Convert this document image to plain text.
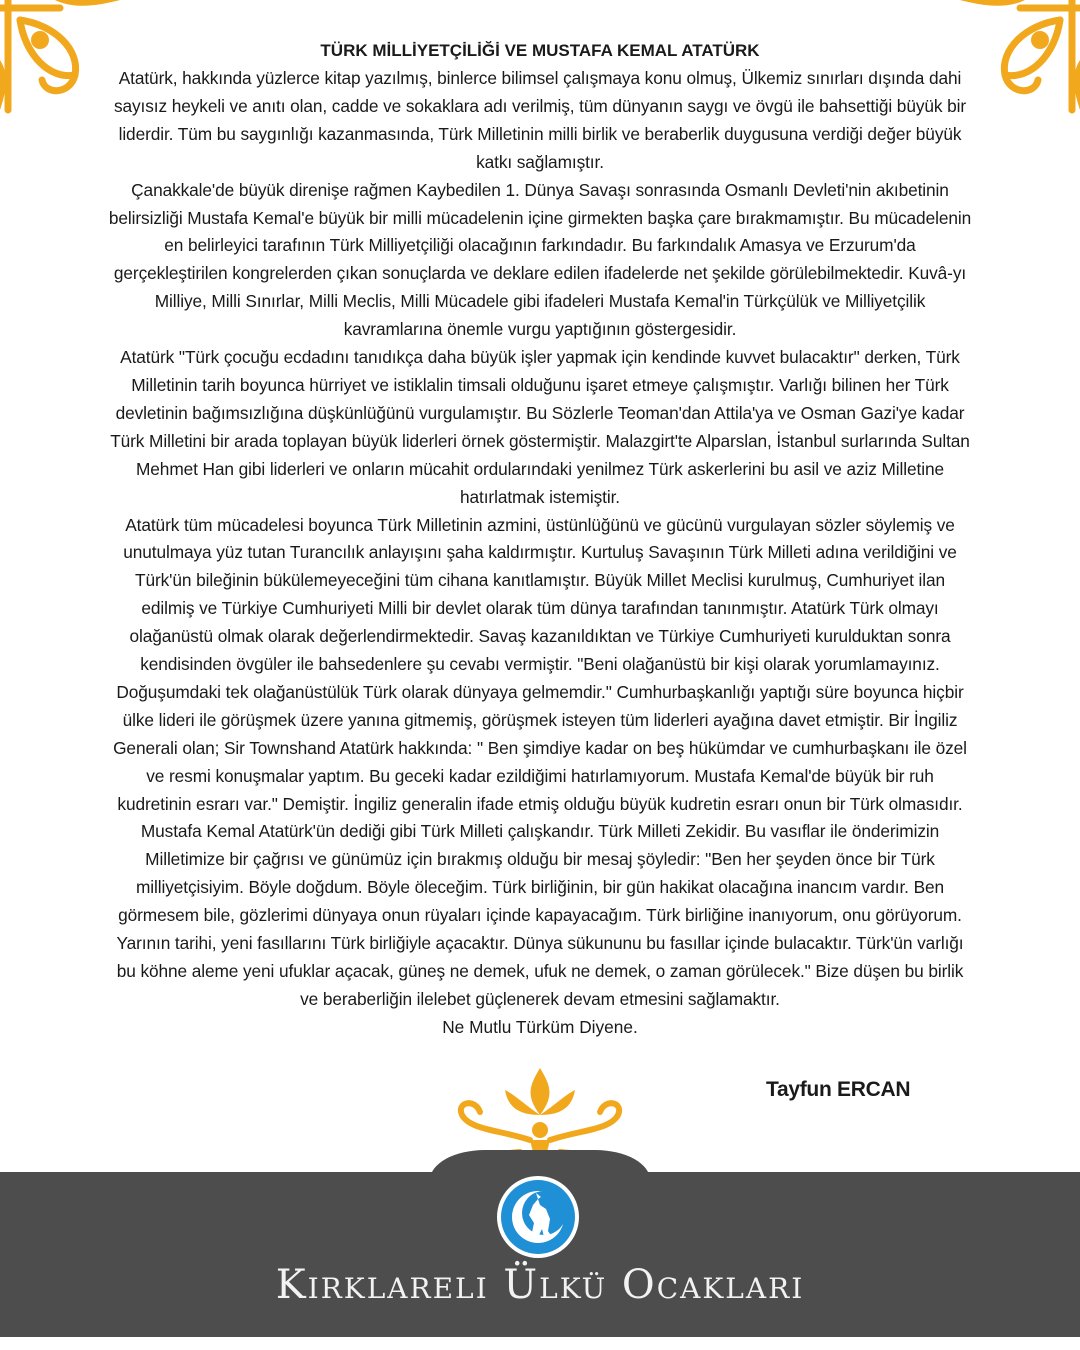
TÜRK MİLLİYETÇİLİĞİ VE MUSTAFA KEMAL ATATÜRK

Atatürk, hakkında yüzlerce kitap yazılmış, binlerce bilimsel çalışmaya konu olmuş, Ülkemiz sınırları dışında dahi sayısız heykeli ve anıtı olan, cadde ve sokaklara adı verilmiş, tüm dünyanın saygı ve övgü ile bahsettiği büyük bir liderdir. Tüm bu saygınlığı kazanmasında, Türk Milletinin milli birlik ve beraberlik duygusuna verdiği değer büyük katkı sağlamıştır.

Çanakkale'de büyük direnişe rağmen Kaybedilen 1. Dünya Savaşı sonrasında Osmanlı Devleti'nin akıbetinin belirsizliği Mustafa Kemal'e büyük bir milli mücadelenin içine girmekten başka çare bırakmamıştır. Bu mücadelenin en belirleyici tarafının Türk Milliyetçiliği olacağının farkındadır. Bu farkındalık Amasya ve Erzurum'da gerçekleştirilen kongrelerden çıkan sonuçlarda ve deklare edilen ifadelerde net şekilde görülebilmektedir. Kuvâ-yı Milliye, Milli Sınırlar, Milli Meclis, Milli Mücadele gibi ifadeleri Mustafa Kemal'in Türkçülük ve Milliyetçilik kavramlarına önemle vurgu yaptığının göstergesidir.

Atatürk "Türk çocuğu ecdadını tanıdıkça daha büyük işler yapmak için kendinde kuvvet bulacaktır" derken, Türk Milletinin tarih boyunca hürriyet ve istiklalin timsali olduğunu işaret etmeye çalışmıştır. Varlığı bilinen her Türk devletinin bağımsızlığına düşkünlüğünü vurgulamıştır. Bu Sözlerle Teoman'dan Attila'ya ve Osman Gazi'ye kadar Türk Milletini bir arada toplayan büyük liderleri örnek göstermiştir. Malazgirt'te Alparslan, İstanbul surlarında Sultan Mehmet Han gibi liderleri ve onların mücahit ordularındaki yenilmez Türk askerlerini bu asil ve aziz Milletine hatırlatmak istemiştir.

Atatürk tüm mücadelesi boyunca Türk Milletinin azmini, üstünlüğünü ve gücünü vurgulayan sözler söylemiş ve unutulmaya yüz tutan Turancılık anlayışını şaha kaldırmıştır. Kurtuluş Savaşının Türk Milleti adına verildiğini ve Türk'ün bileğinin bükülemeyeceğini tüm cihana kanıtlamıştır. Büyük Millet Meclisi kurulmuş, Cumhuriyet ilan edilmiş ve Türkiye Cumhuriyeti Milli bir devlet olarak tüm dünya tarafından tanınmıştır. Atatürk Türk olmayı olağanüstü olmak olarak değerlendirmektedir. Savaş kazanıldıktan ve Türkiye Cumhuriyeti kurulduktan sonra kendisinden övgüler ile bahsedenlere şu cevabı vermiştir. "Beni olağanüstü bir kişi olarak yorumlamayınız. Doğuşumdaki tek olağanüstülük Türk olarak dünyaya gelmemdir." Cumhurbaşkanlığı yaptığı süre boyunca hiçbir ülke lideri ile görüşmek üzere yanına gitmemiş, görüşmek isteyen tüm liderleri ayağına davet etmiştir. Bir İngiliz Generali olan; Sir Townshand Atatürk hakkında: " Ben şimdiye kadar on beş hükümdar ve cumhurbaşkanı ile özel ve resmi konuşmalar yaptım. Bu geceki kadar ezildiğimi hatırlamıyorum. Mustafa Kemal'de büyük bir ruh kudretinin esrarı var." Demiştir. İngiliz generalin ifade etmiş olduğu büyük kudretin esrarı onun bir Türk olmasıdır.

Mustafa Kemal Atatürk'ün dediği gibi Türk Milleti çalışkandır. Türk Milleti Zekidir. Bu vasıflar ile önderimizin Milletimize bir çağrısı ve günümüz için bırakmış olduğu bir mesaj şöyledir: "Ben her şeyden önce bir Türk milliyetçisiyim. Böyle doğdum. Böyle öleceğim. Türk birliğinin, bir gün hakikat olacağına inancım vardır. Ben görmesem bile, gözlerimi dünyaya onun rüyaları içinde kapayacağım. Türk birliğine inanıyorum, onu görüyorum. Yarının tarihi, yeni fasıllarını Türk birliğiyle açacaktır. Dünya sükununu bu fasıllar içinde bulacaktır. Türk'ün varlığı bu köhne aleme yeni ufuklar açacak, güneş ne demek, ufuk ne demek, o zaman görülecek." Bize düşen bu birlik ve beraberliğin ilelebet güçlenerek devam etmesini sağlamaktır.

Ne Mutlu Türküm Diyene.

Tayfun ERCAN
Kırklareli Ülkü Ocakları
